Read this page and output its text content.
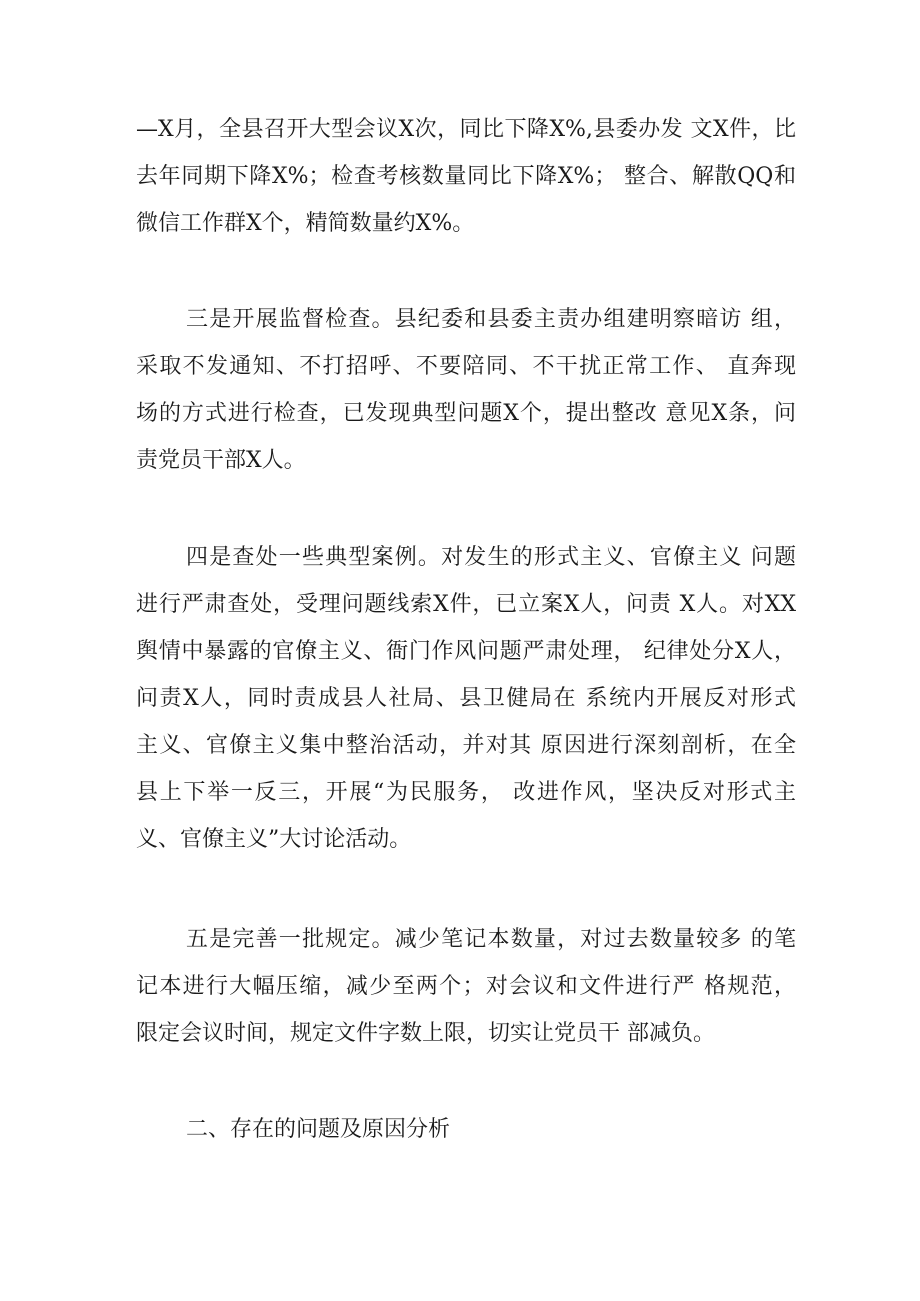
—X月，全县召开大型会议X次，同比下降X%,县委办发 文X件，比
去年同期下降X%；检查考核数量同比下降X%； 整合、解散QQ和
微信工作群X个，精简数量约X%。
三是开展监督检查。县纪委和县委主责办组建明察暗访 组，
采取不发通知、不打招呼、不要陪同、不干扰正常工作、 直奔现
场的方式进行检查，已发现典型问题X个，提出整改 意见X条，问
责党员干部X人。
四是查处一些典型案例。对发生的形式主义、官僚主义 问题
进行严肃查处，受理问题线索X件，已立案X人，问责 X人。对XX
舆情中暴露的官僚主义、衙门作风问题严肃处理， 纪律处分X人，
问责X人，同时责成县人社局、县卫健局在 系统内开展反对形式
主义、官僚主义集中整治活动，并对其 原因进行深刻剖析，在全
县上下举一反三，开展“为民服务， 改进作风，坚决反对形式主
义、官僚主义”大讨论活动。
五是完善一批规定。减少笔记本数量，对过去数量较多 的笔
记本进行大幅压缩，减少至两个；对会议和文件进行严 格规范，
限定会议时间，规定文件字数上限，切实让党员干 部减负。
二、存在的问题及原因分析
